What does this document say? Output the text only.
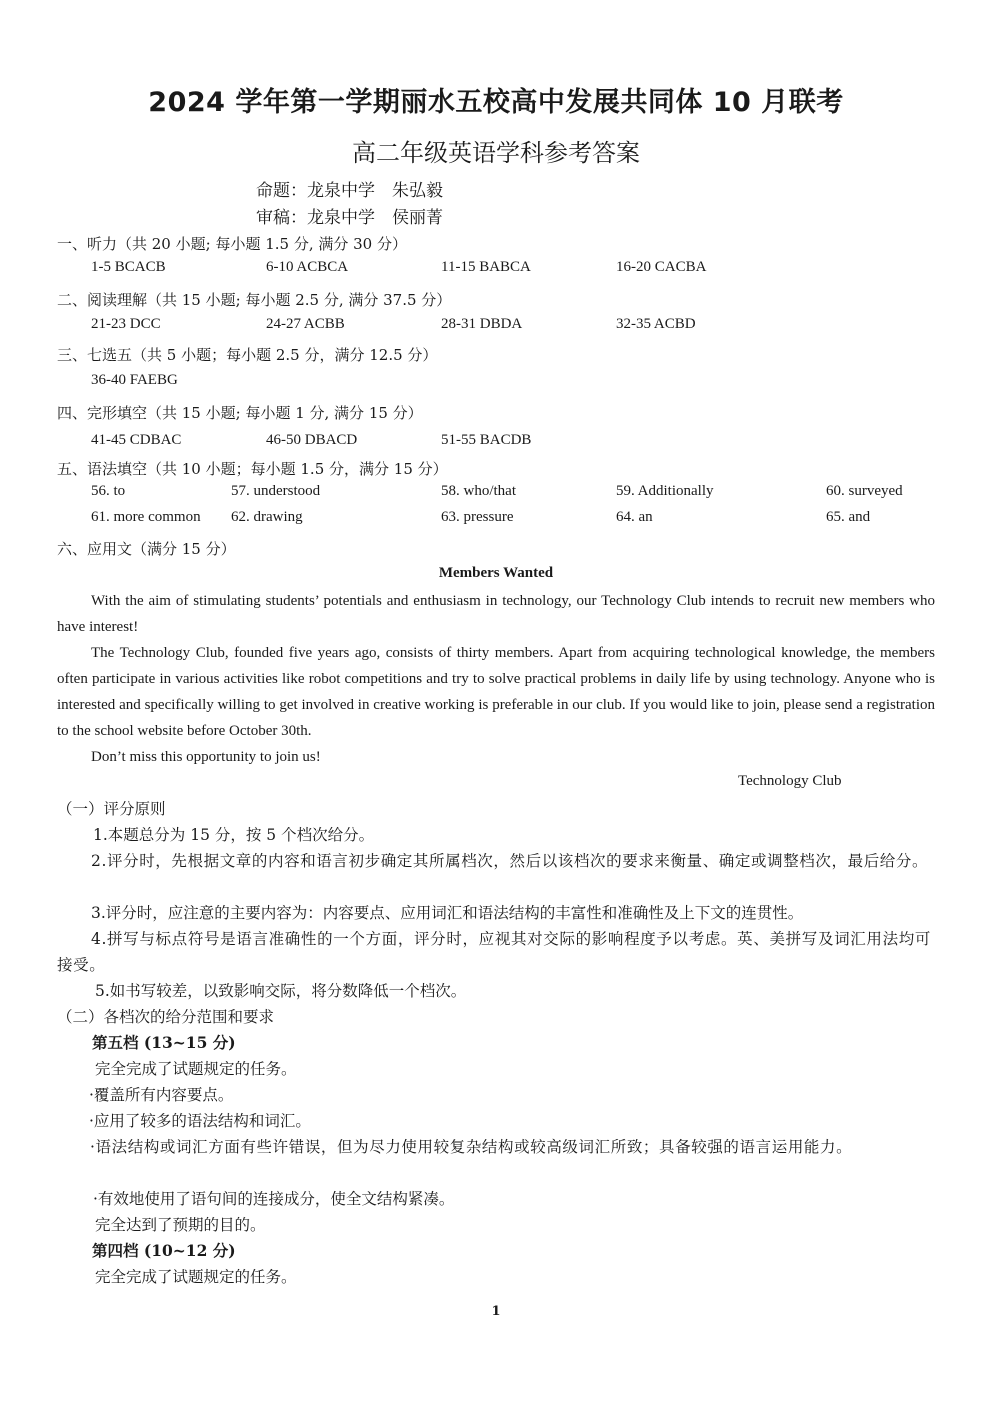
2024 学年第一学期丽水五校高中发展共同体 10 月联考
高二年级英语学科参考答案
命题：龙泉中学　朱弘毅
审稿：龙泉中学　侯丽菁
一、听力（共 20 小题; 每小题 1.5 分, 满分 30 分）
1-5 BCACB	6-10 ACBCA	11-15 BABCA	16-20 CACBA
二、阅读理解（共 15 小题; 每小题 2.5 分, 满分 37.5 分）
21-23 DCC	24-27 ACBB	28-31 DBDA	32-35 ACBD
三、七选五（共 5 小题；每小题 2.5 分，满分 12.5 分）
36-40 FAEBG
四、完形填空（共 15 小题; 每小题 1 分, 满分 15 分）
41-45 CDBAC	46-50 DBACD	51-55 BACDB
五、语法填空（共 10 小题；每小题 1.5 分，满分 15 分）
56. to	57. understood	58. who/that	59. Additionally	60. surveyed
61. more common 62. drawing	63. pressure	64. an	65. and
六、应用文（满分 15 分）
Members Wanted
With the aim of stimulating students’ potentials and enthusiasm in technology, our Technology Club intends to recruit new members who have interest!
The Technology Club, founded five years ago, consists of thirty members. Apart from acquiring technological knowledge, the members often participate in various activities like robot competitions and try to solve practical problems in daily life by using technology. Anyone who is interested and specifically willing to get involved in creative working is preferable in our club. If you would like to join, please send a registration to the school website before October 30th.
Don’t miss this opportunity to join us!
Technology Club
（一）评分原则
1.本题总分为 15 分，按 5 个档次给分。
2.评分时，先根据文章的内容和语言初步确定其所属档次，然后以该档次的要求来衡量、确定或调整档次，最后给分。
3.评分时，应注意的主要内容为：内容要点、应用词汇和语法结构的丰富性和准确性及上下文的连贯性。
4.拼写与标点符号是语言准确性的一个方面，评分时，应视其对交际的影响程度予以考虑。英、美拼写及词汇用法均可接受。
5.如书写较差，以致影响交际，将分数降低一个档次。
（二）各档次的给分范围和要求
第五档 (13~15 分)
完全完成了试题规定的任务。
·覆盖所有内容要点。
·应用了较多的语法结构和词汇。
·语法结构或词汇方面有些许错误，但为尽力使用较复杂结构或较高级词汇所致；具备较强的语言运用能力。
·有效地使用了语句间的连接成分，使全文结构紧凑。
完全达到了预期的目的。
第四档 (10~12 分)
完全完成了试题规定的任务。
1
